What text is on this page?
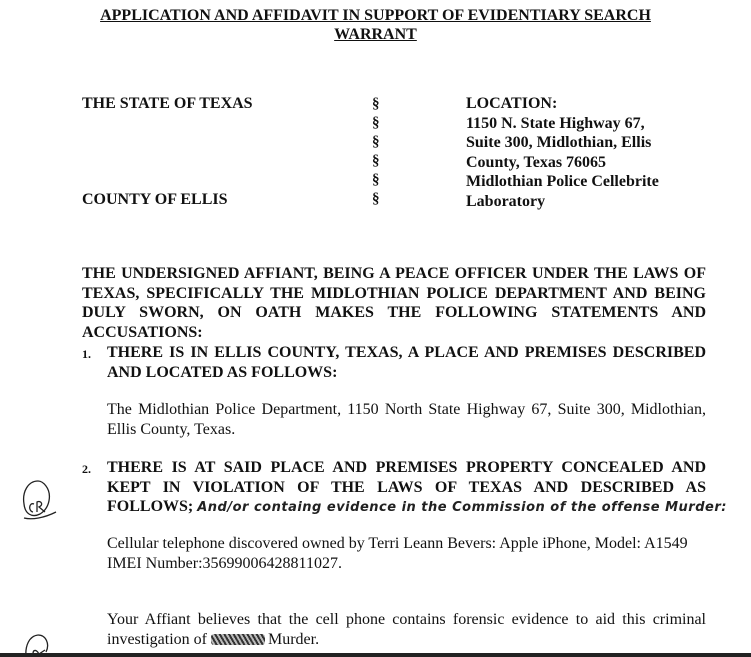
APPLICATION AND AFFIDAVIT IN SUPPORT OF EVIDENTIARY SEARCH
WARRANT
THE STATE OF TEXAS
COUNTY OF ELLIS
§
§
§
§
§
§
LOCATION:
1150 N. State Highway 67,
Suite 300, Midlothian, Ellis
County, Texas 76065
Midlothian Police Cellebrite
Laboratory
THE UNDERSIGNED AFFIANT, BEING A PEACE OFFICER UNDER THE LAWS OF
TEXAS, SPECIFICALLY THE MIDLOTHIAN POLICE DEPARTMENT AND BEING
DULY SWORN, ON OATH MAKES THE FOLLOWING STATEMENTS AND
ACCUSATIONS:
1. THERE IS IN ELLIS COUNTY, TEXAS, A PLACE AND PREMISES DESCRIBED
AND LOCATED AS FOLLOWS:
The Midlothian Police Department, 1150 North State Highway 67, Suite 300, Midlothian,
Ellis County, Texas.
2. THERE IS AT SAID PLACE AND PREMISES PROPERTY CONCEALED AND
KEPT IN VIOLATION OF THE LAWS OF TEXAS AND DESCRIBED AS
FOLLOWS; And/or containg evidence in the Commission of the offense Murder:
Cellular telephone discovered owned by Terri Leann Bevers: Apple iPhone, Model: A1549
IMEI Number:35699006428811027.
Your Affiant believes that the cell phone contains forensic evidence to aid this criminal
investigation of	Murder.
